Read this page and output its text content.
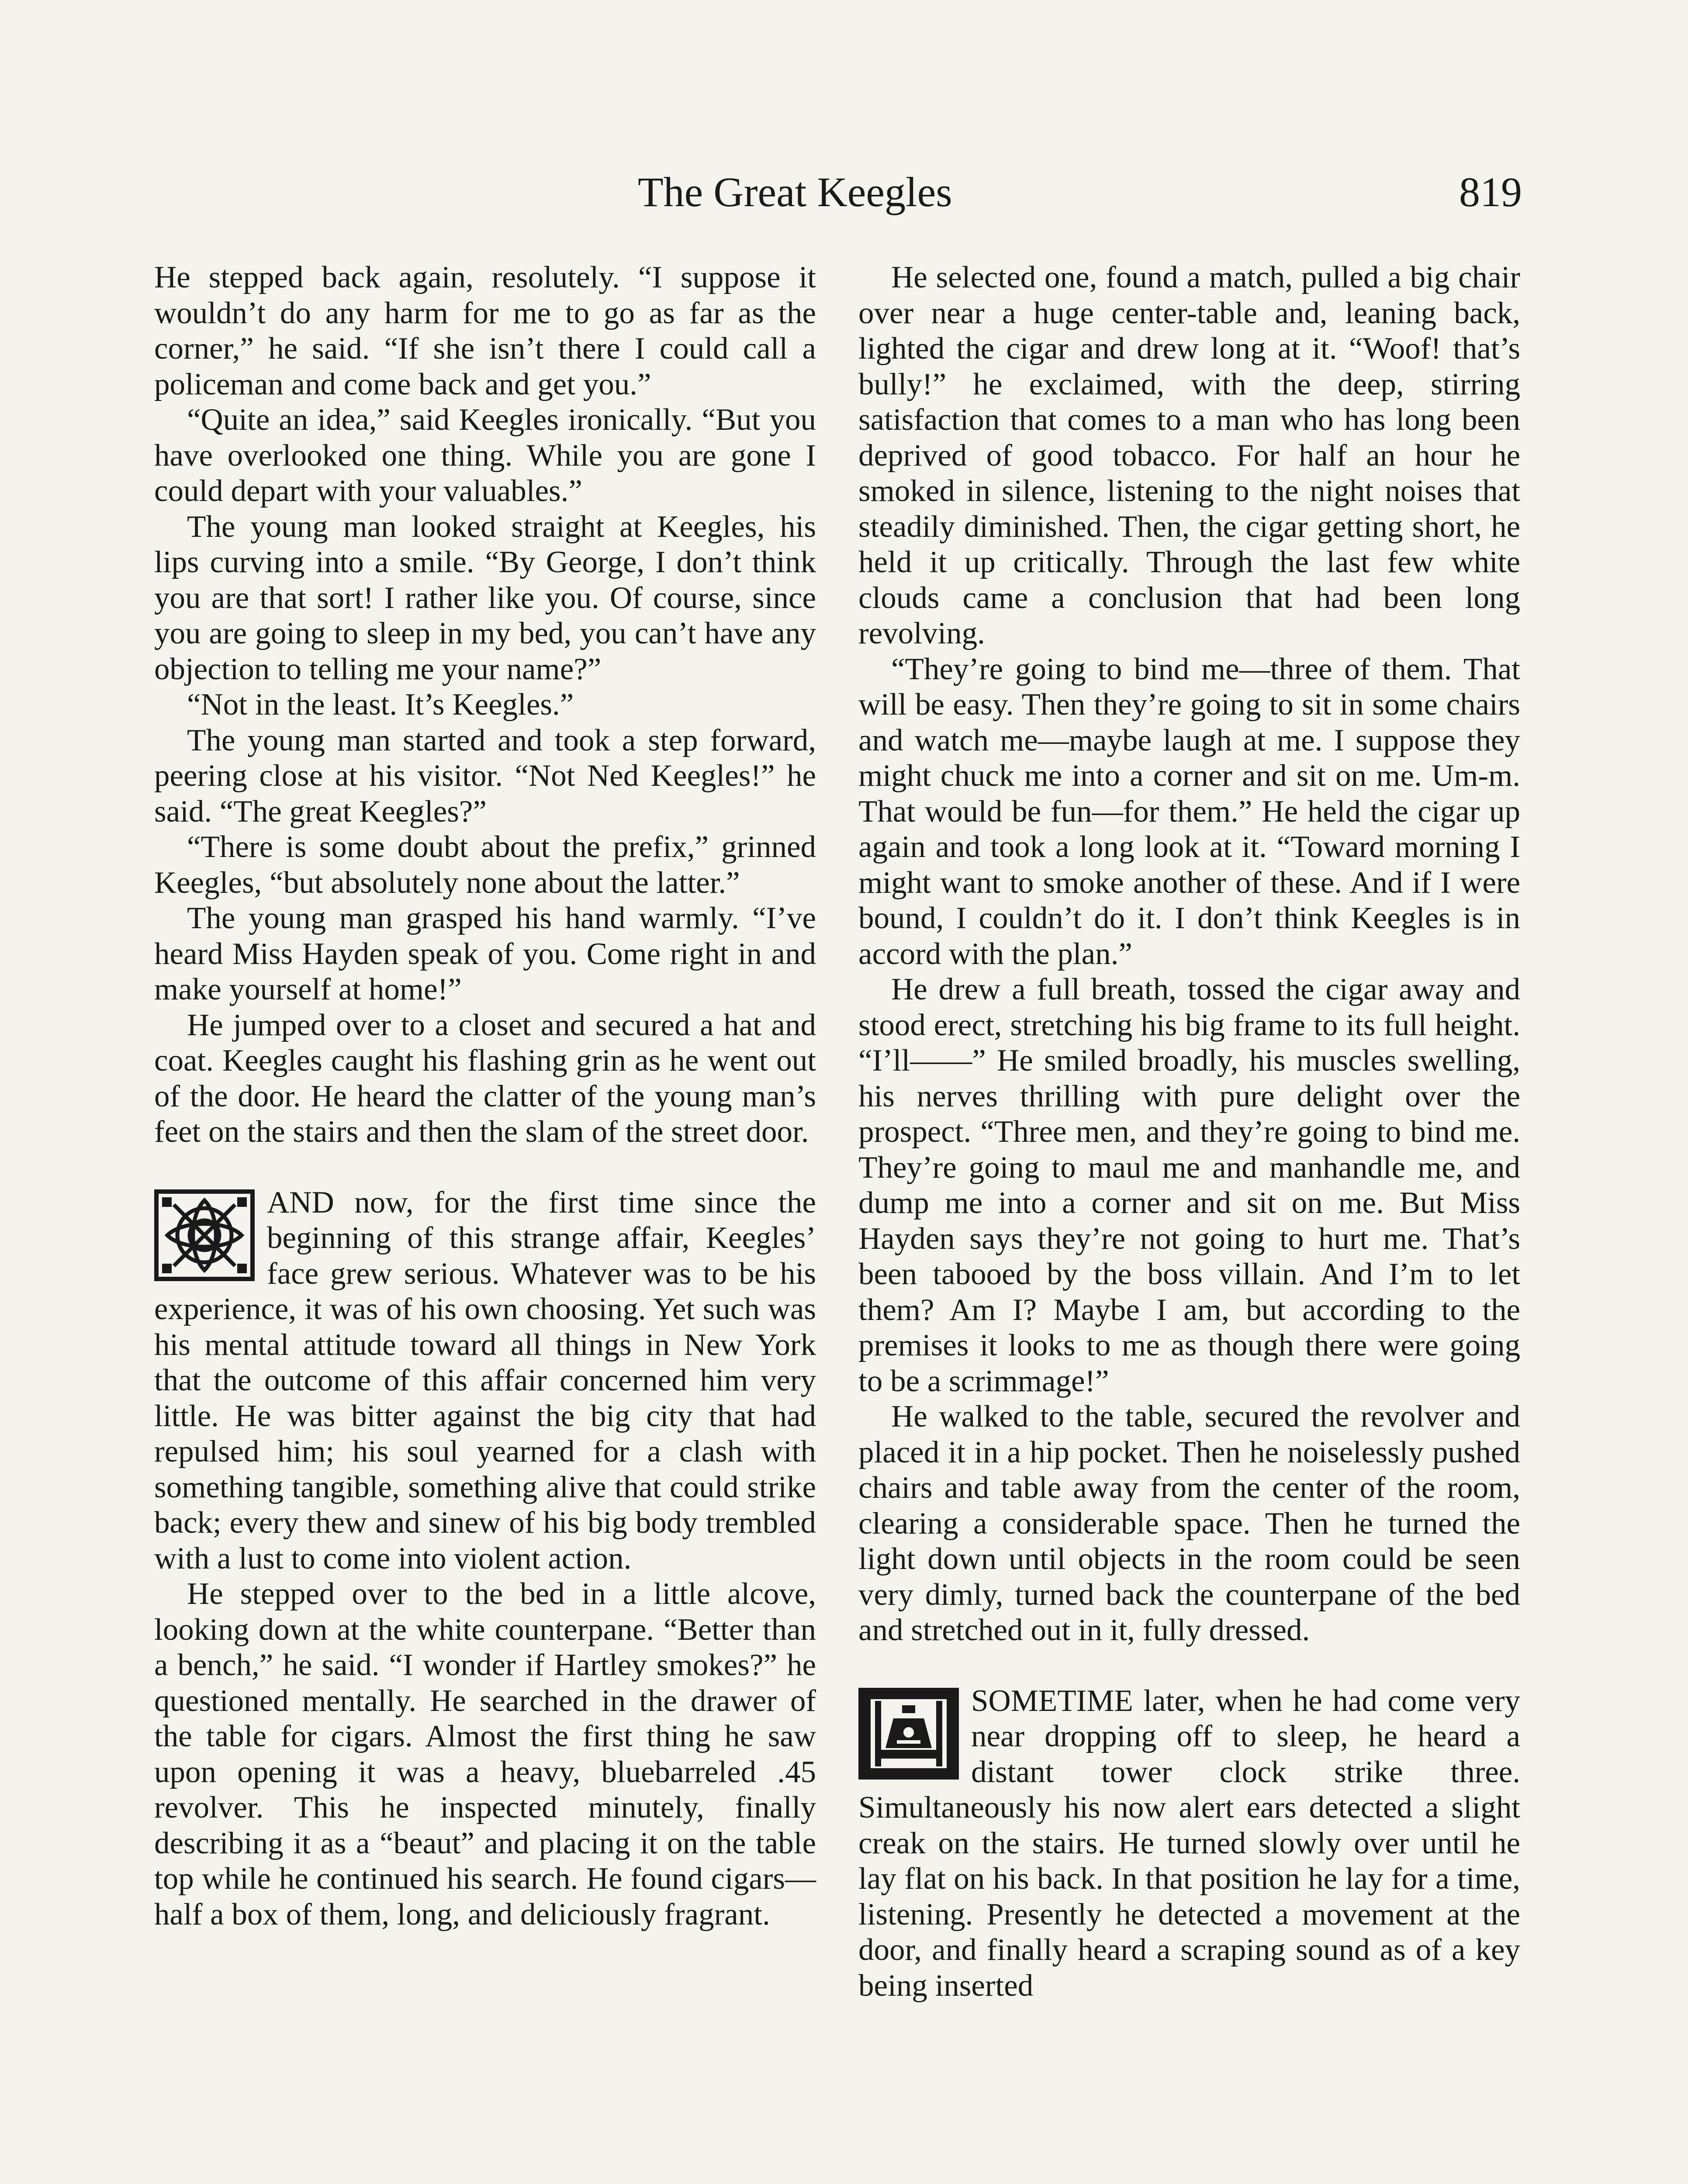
The Great Keegles	819

He stepped back again, resolutely. “I suppose it wouldn’t do any harm for me to go as far as the corner,” he said. “If she isn’t there I could call a policeman and come back and get you.”

“Quite an idea,” said Keegles ironically. “But you have overlooked one thing. While you are gone I could depart with your valuables.”

The young man looked straight at Keegles, his lips curving into a smile. “By George, I don’t think you are that sort! I rather like you. Of course, since you are going to sleep in my bed, you can’t have any objection to telling me your name?”

“Not in the least. It’s Keegles.”

The young man started and took a step forward, peering close at his visitor. “Not Ned Keegles!” he said. “The great Keegles?”

“There is some doubt about the prefix,” grinned Keegles, “but absolutely none about the latter.”

The young man grasped his hand warmly. “I’ve heard Miss Hayden speak of you. Come right in and make yourself at home!”

He jumped over to a closet and secured a hat and coat. Keegles caught his flashing grin as he went out of the door. He heard the clatter of the young man’s feet on the stairs and then the slam of the street door.

AND now, for the first time since the beginning of this strange affair, Keegles’ face grew serious. Whatever was to be his experience, it was of his own choosing. Yet such was his mental attitude toward all things in New York that the outcome of this affair concerned him very little. He was bitter against the big city that had repulsed him; his soul yearned for a clash with something tangible, something alive that could strike back; every thew and sinew of his big body trembled with a lust to come into violent action.

He stepped over to the bed in a little alcove, looking down at the white counterpane. “Better than a bench,” he said. “I wonder if Hartley smokes?” he questioned mentally. He searched in the drawer of the table for cigars. Almost the first thing he saw upon opening it was a heavy, bluebarreled .45 revolver. This he inspected minutely, finally describing it as a “beaut” and placing it on the table top while he continued his search. He found cigars—half a box of them, long, and deliciously fragrant.

He selected one, found a match, pulled a big chair over near a huge center-table and, leaning back, lighted the cigar and drew long at it. “Woof! that’s bully!” he exclaimed, with the deep, stirring satisfaction that comes to a man who has long been deprived of good tobacco. For half an hour he smoked in silence, listening to the night noises that steadily diminished. Then, the cigar getting short, he held it up critically. Through the last few white clouds came a conclusion that had been long revolving.

“They’re going to bind me—three of them. That will be easy. Then they’re going to sit in some chairs and watch me—maybe laugh at me. I suppose they might chuck me into a corner and sit on me. Um-m. That would be fun—for them.” He held the cigar up again and took a long look at it. “Toward morning I might want to smoke another of these. And if I were bound, I couldn’t do it. I don’t think Keegles is in accord with the plan.”

He drew a full breath, tossed the cigar away and stood erect, stretching his big frame to its full height. “I’ll——” He smiled broadly, his muscles swelling, his nerves thrilling with pure delight over the prospect. “Three men, and they’re going to bind me. They’re going to maul me and manhandle me, and dump me into a corner and sit on me. But Miss Hayden says they’re not going to hurt me. That’s been tabooed by the boss villain. And I’m to let them? Am I? Maybe I am, but according to the premises it looks to me as though there were going to be a scrimmage!”

He walked to the table, secured the revolver and placed it in a hip pocket. Then he noiselessly pushed chairs and table away from the center of the room, clearing a considerable space. Then he turned the light down until objects in the room could be seen very dimly, turned back the counterpane of the bed and stretched out in it, fully dressed.

SOMETIME later, when he had come very near dropping off to sleep, he heard a distant tower clock strike three. Simultaneously his now alert ears detected a slight creak on the stairs. He turned slowly over until he lay flat on his back. In that position he lay for a time, listening. Presently he detected a movement at the door, and finally heard a scraping sound as of a key being inserted
